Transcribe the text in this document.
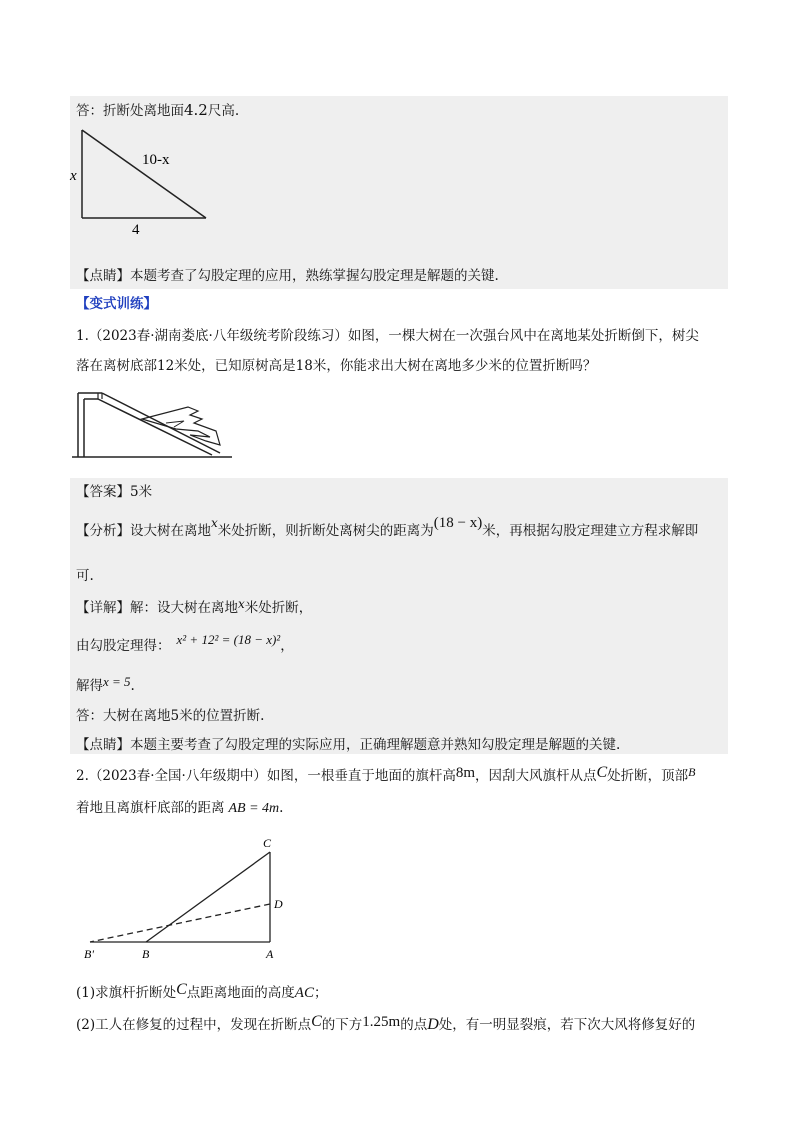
答：折断处离地面4.2尺高.
x
10-x
4
【点睛】本题考查了勾股定理的应用，熟练掌握勾股定理是解题的关键.
【变式训练】
1.（2023春·湖南娄底·八年级统考阶段练习）如图，一棵大树在一次强台风中在离地某处折断倒下，树尖
落在离树底部12米处，已知原树高是18米，你能求出大树在离地多少米的位置折断吗？
【答案】5米
【分析】设大树在离地x米处折断，则折断处离树尖的距离为(18 − x)米，再根据勾股定理建立方程求解即
可.
【详解】解：设大树在离地x米处折断，
由勾股定理得： x² + 12² = (18 − x)²，
解得x = 5.
答：大树在离地5米的位置折断.
【点睛】本题主要考查了勾股定理的实际应用，正确理解题意并熟知勾股定理是解题的关键.
2.（2023春·全国·八年级期中）如图，一根垂直于地面的旗杆高8m，因刮大风旗杆从点C处折断，顶部B
着地且离旗杆底部的距离 AB = 4m.
C
D
B'	B	A
(1)求旗杆折断处C点距离地面的高度AC；
(2)工人在修复的过程中，发现在折断点C的下方1.25m的点D处，有一明显裂痕，若下次大风将修复好的
